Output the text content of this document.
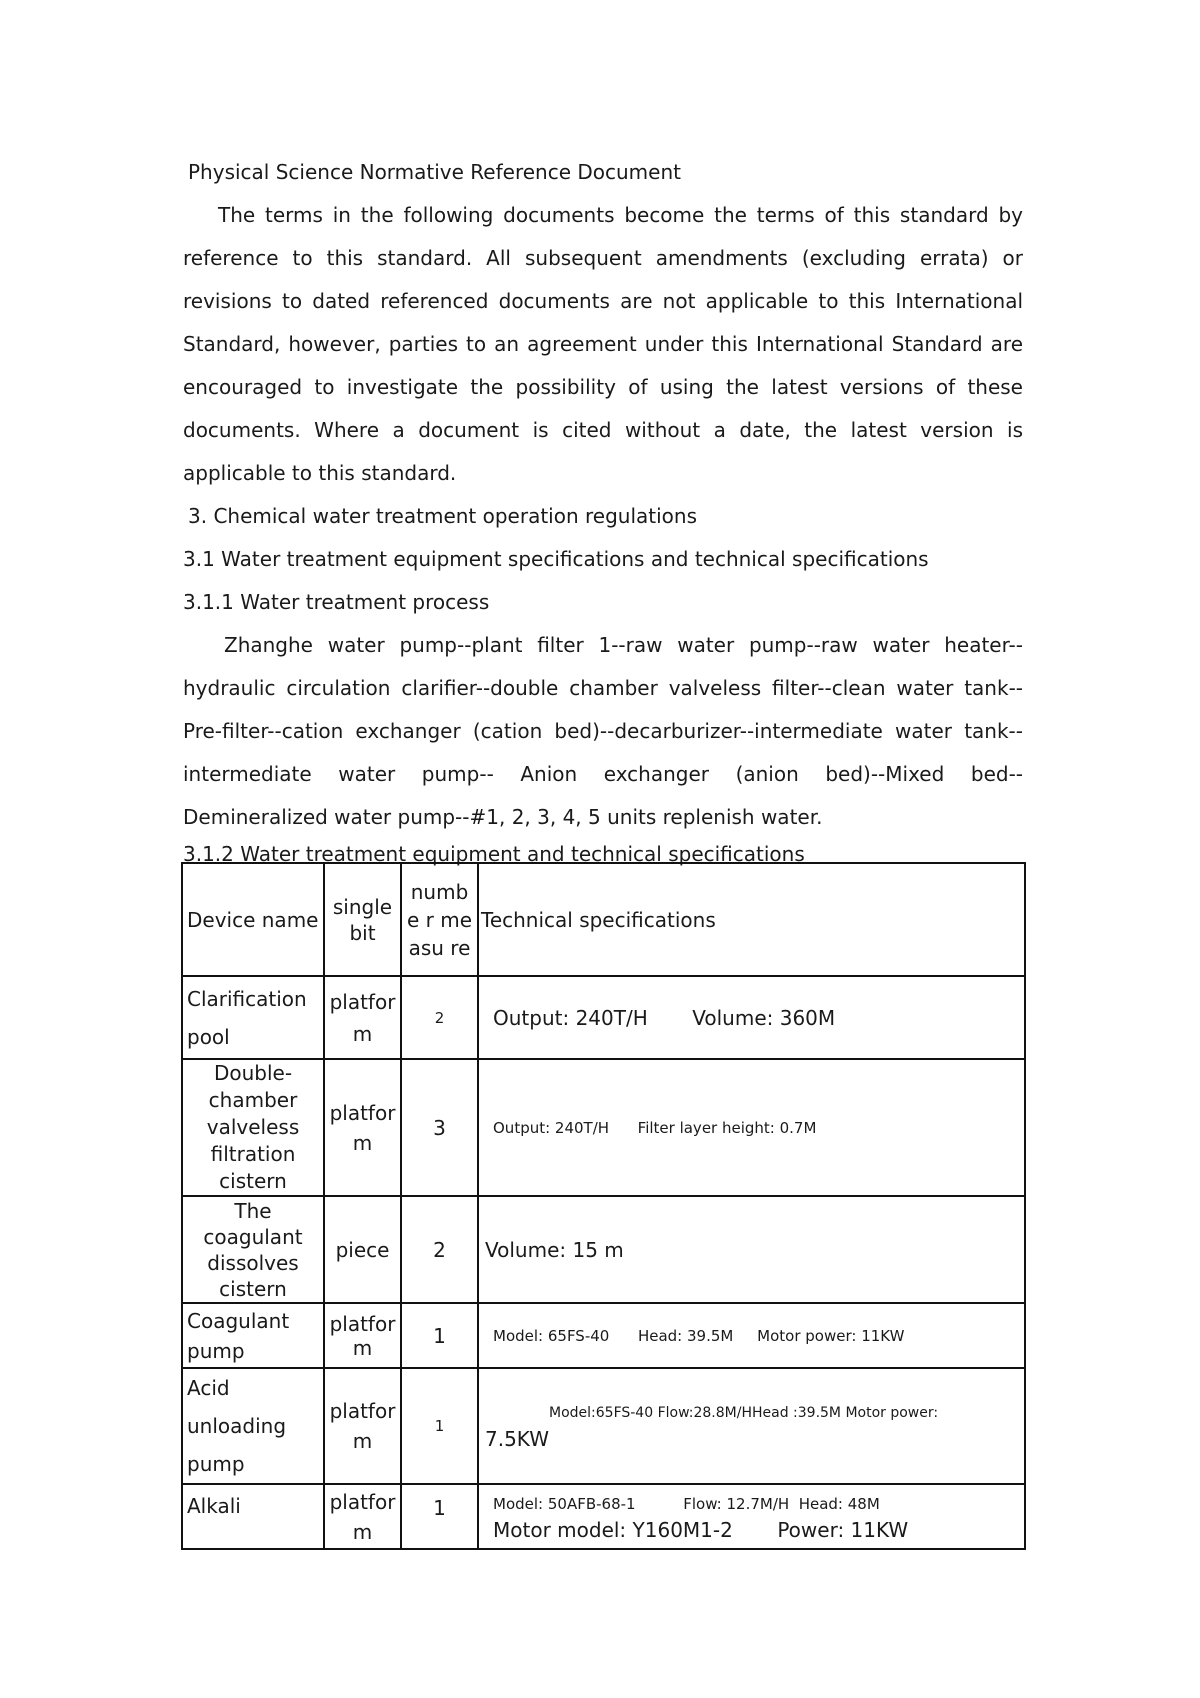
Physical Science Normative Reference Document
The terms in the following documents become the terms of this standard by
reference to this standard. All subsequent amendments (excluding errata) or
revisions to dated referenced documents are not applicable to this International
Standard, however, parties to an agreement under this International Standard are
encouraged to investigate the possibility of using the latest versions of these
documents. Where a document is cited without a date, the latest version is
applicable to this standard.
3. Chemical water treatment operation regulations
3.1 Water treatment equipment specifications and technical specifications
3.1.1 Water treatment process
Zhanghe water pump--plant filter 1--raw water pump--raw water heater--
hydraulic circulation clarifier--double chamber valveless filter--clean water tank--
Pre-filter--cation exchanger (cation bed)--decarburizer--intermediate water tank--
intermediate water pump-- Anion exchanger (anion bed)--Mixed bed--
Demineralized water pump--#1, 2, 3, 4, 5 units replenish water.
3.1.2 Water treatment equipment and technical specifications
Device name	single bit	numbe r measu re	Technical specifications
Clarification pool	platfor m	2	Output: 240T/H       Volume: 360M

Double-chamber valveless filtration cistern	platfor m	3	Output: 240T/H      Filter layer height: 0.7M

The coagulant dissolves cistern	piece	2	Volume: 15 m

Coagulant pump	platfor m	1	Model: 65FS-40      Head: 39.5M     Motor power: 11KW

Acid unloading pump	platfor m	1	Model:65FS-40 Flow:28.8M/HHead :39.5M Motor power:
7.5KW

Alkali	platfor m	1	Model: 50AFB-68-1          Flow: 12.7M/H  Head: 48M
Motor model: Y160M1-2       Power: 11KW
